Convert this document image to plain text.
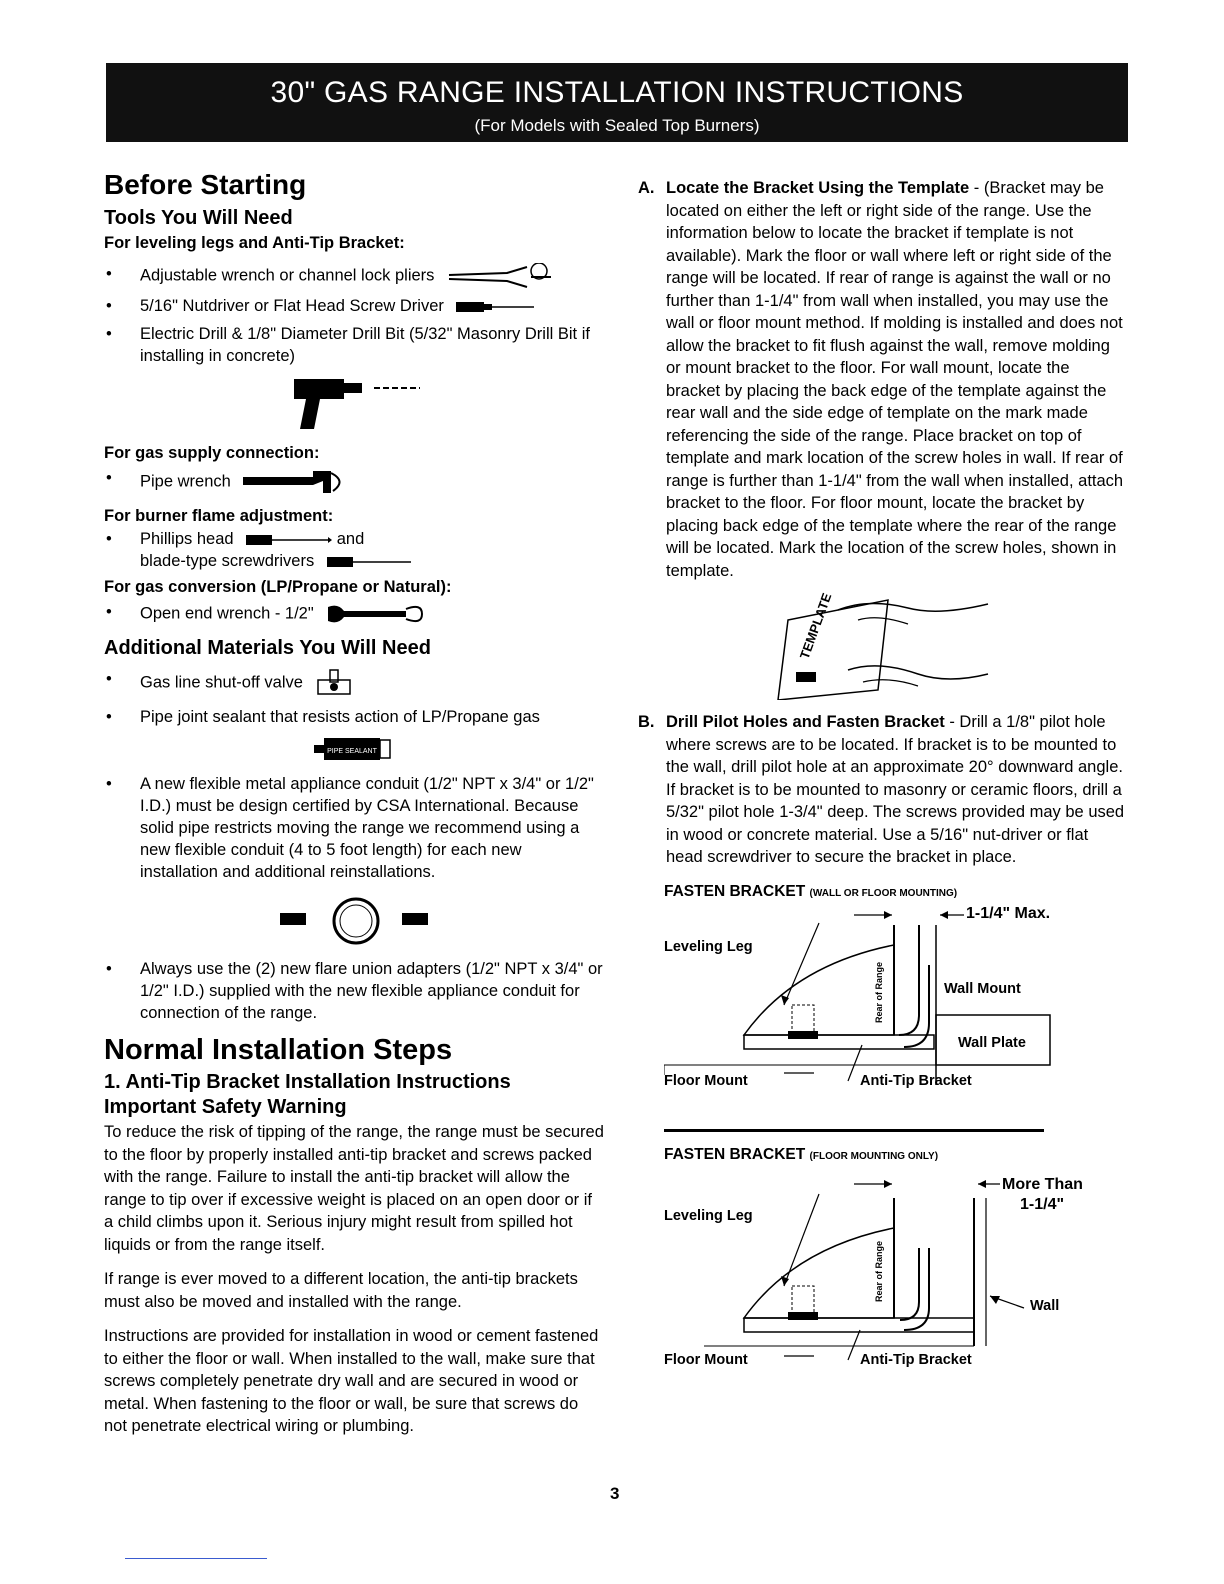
30" GAS RANGE INSTALLATION INSTRUCTIONS
(For Models with Sealed Top Burners)
Before Starting
Tools You Will Need
For leveling legs and Anti-Tip Bracket:
• Adjustable wrench or channel lock pliers
• 5/16" Nutdriver or Flat Head Screw Driver
• Electric Drill & 1/8" Diameter Drill Bit (5/32" Masonry Drill Bit if installing in concrete)
For gas supply connection:
• Pipe wrench
For burner flame adjustment:
• Phillips head	and
blade-type screwdrivers
For gas conversion (LP/Propane or Natural):
• Open end wrench - 1/2"
Additional Materials You Will Need
• Gas line shut-off valve
• Pipe joint sealant that resists action of LP/Propane gas
PIPE SEALANT
• A new flexible metal appliance conduit (1/2" NPT x 3/4" or 1/2" I.D.) must be design certified by CSA International. Because solid pipe restricts moving the range we recommend using a new flexible conduit (4 to 5 foot length) for each new installation and additional reinstallations.
• Always use the (2) new flare union adapters (1/2" NPT x 3/4" or 1/2" I.D.) supplied with the new flexible appliance conduit for connection of the range.
Normal Installation Steps
1. Anti-Tip Bracket Installation Instructions
Important Safety Warning

To reduce the risk of tipping of the range, the range must be secured to the floor by properly installed anti-tip bracket and screws packed with the range. Failure to install the anti-tip bracket will allow the range to tip over if excessive weight is placed on an open door or if a child climbs upon it. Serious injury might result from spilled hot liquids or from the range itself.

If range is ever moved to a different location, the anti-tip brackets must also be moved and installed with the range.

Instructions are provided for installation in wood or cement fastened to either the floor or wall. When installed to the wall, make sure that screws completely penetrate dry wall and are secured in wood or metal. When fastening to the floor or wall, be sure that screws do not penetrate electrical wiring or plumbing.

A. Locate the Bracket Using the Template - (Bracket may be located on either the left or right side of the range. Use the information below to locate the bracket if template is not available). Mark the floor or wall where left or right side of the range will be located. If rear of range is against the wall or no further than 1-1/4" from wall when installed, you may use the wall or floor mount method. If molding is installed and does not allow the bracket to fit flush against the wall, remove molding or mount bracket to the floor. For wall mount, locate the bracket by placing the back edge of the template against the rear wall and the side edge of template on the mark made referencing the side of the range. Place bracket on top of template and mark location of the screw holes in wall. If rear of range is further than 1-1/4" from the wall when installed, attach bracket to the floor. For floor mount, locate the bracket by placing back edge of the template where the rear of the range will be located. Mark the location of the screw holes, shown in template.
TEMPLATE
B. Drill Pilot Holes and Fasten Bracket - Drill a 1/8" pilot hole where screws are to be located. If bracket is to be mounted to the wall, drill pilot hole at an approximate 20° downward angle. If bracket is to be mounted to masonry or ceramic floors, drill a 5/32" pilot hole 1-3/4" deep. The screws provided may be used in wood or concrete material. Use a 5/16" nut-driver or flat head screwdriver to secure the bracket in place.
FASTEN BRACKET (WALL OR FLOOR MOUNTING)
Leveling Leg
1-1/4" Max.
Wall Mount
Rear of Range
Wall Plate
Floor Mount	Anti-Tip Bracket
FASTEN BRACKET (FLOOR MOUNTING ONLY)
Leveling Leg
More Than
1-1/4"
Rear of Range
Wall
Floor Mount	Anti-Tip Bracket
3
